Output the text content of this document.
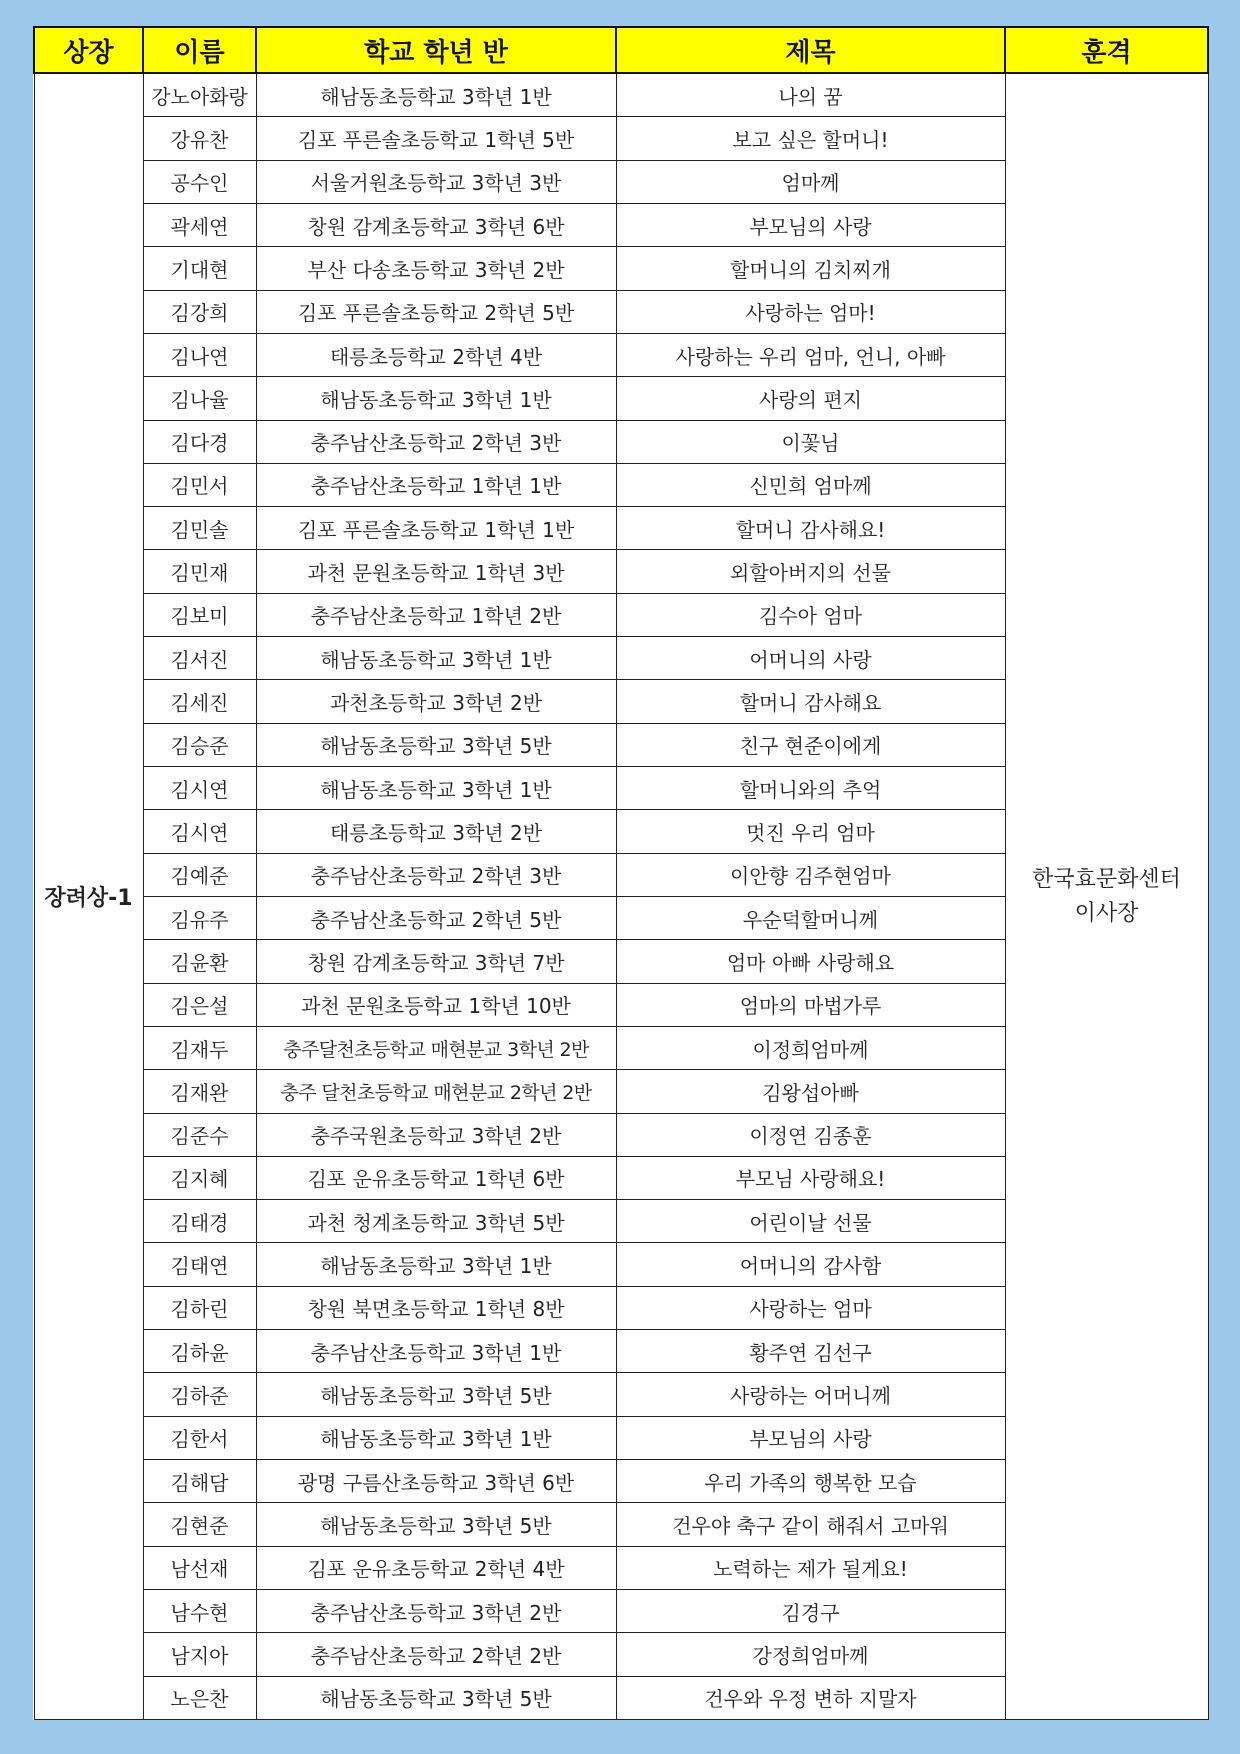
상장	이름	학교 학년 반	제목	훈격
장려상-1	강노아화랑	해남동초등학교 3학년 1반	나의 꿈	한국효문화센터
이사장

	강유찬	김포 푸른솔초등학교 1학년 5반	보고 싶은 할머니!	
	공수인	서울거원초등학교 3학년 3반	엄마께	
	곽세연	창원 감계초등학교 3학년 6반	부모님의 사랑	
	기대현	부산 다송초등학교 3학년 2반	할머니의 김치찌개	
	김강희	김포 푸른솔초등학교 2학년 5반	사랑하는 엄마!	
	김나연	태릉초등학교 2학년 4반	사랑하는 우리 엄마, 언니, 아빠	
	김나율	해남동초등학교 3학년 1반	사랑의 편지	
	김다경	충주남산초등학교 2학년 3반	이꽃님	
	김민서	충주남산초등학교 1학년 1반	신민희 엄마께	
	김민솔	김포 푸른솔초등학교 1학년 1반	할머니 감사해요!	
	김민재	과천 문원초등학교 1학년 3반	외할아버지의 선물	
	김보미	충주남산초등학교 1학년 2반	김수아 엄마	
	김서진	해남동초등학교 3학년 1반	어머니의 사랑	
	김세진	과천초등학교 3학년 2반	할머니 감사해요	
	김승준	해남동초등학교 3학년 5반	친구 현준이에게	
	김시연	해남동초등학교 3학년 1반	할머니와의 추억	
	김시연	태릉초등학교 3학년 2반	멋진 우리 엄마	
	김예준	충주남산초등학교 2학년 3반	이안향 김주현엄마	
	김유주	충주남산초등학교 2학년 5반	우순덕할머니께	
	김윤환	창원 감계초등학교 3학년 7반	엄마 아빠 사랑해요	
	김은설	과천 문원초등학교 1학년 10반	엄마의 마법가루	
	김재두	충주달천초등학교 매현분교 3학년 2반	이정희엄마께	
	김재완	충주 달천초등학교 매현분교 2학년 2반	김왕섭아빠	
	김준수	충주국원초등학교 3학년 2반	이정연 김종훈	
	김지혜	김포 운유초등학교 1학년 6반	부모님 사랑해요!	
	김태경	과천 청계초등학교 3학년 5반	어린이날 선물	
	김태연	해남동초등학교 3학년 1반	어머니의 감사함	
	김하린	창원 북면초등학교 1학년 8반	사랑하는 엄마	
	김하윤	충주남산초등학교 3학년 1반	황주연 김선구	
	김하준	해남동초등학교 3학년 5반	사랑하는 어머니께	
	김한서	해남동초등학교 3학년 1반	부모님의 사랑	
	김해담	광명 구름산초등학교 3학년 6반	우리 가족의 행복한 모습	
	김현준	해남동초등학교 3학년 5반	건우야 축구 같이 해줘서 고마워	
	남선재	김포 운유초등학교 2학년 4반	노력하는 제가 될게요!	
	남수현	충주남산초등학교 3학년 2반	김경구	
	남지아	충주남산초등학교 2학년 2반	강정희엄마께	
	노은찬	해남동초등학교 3학년 5반	건우와 우정 변하 지말자	
